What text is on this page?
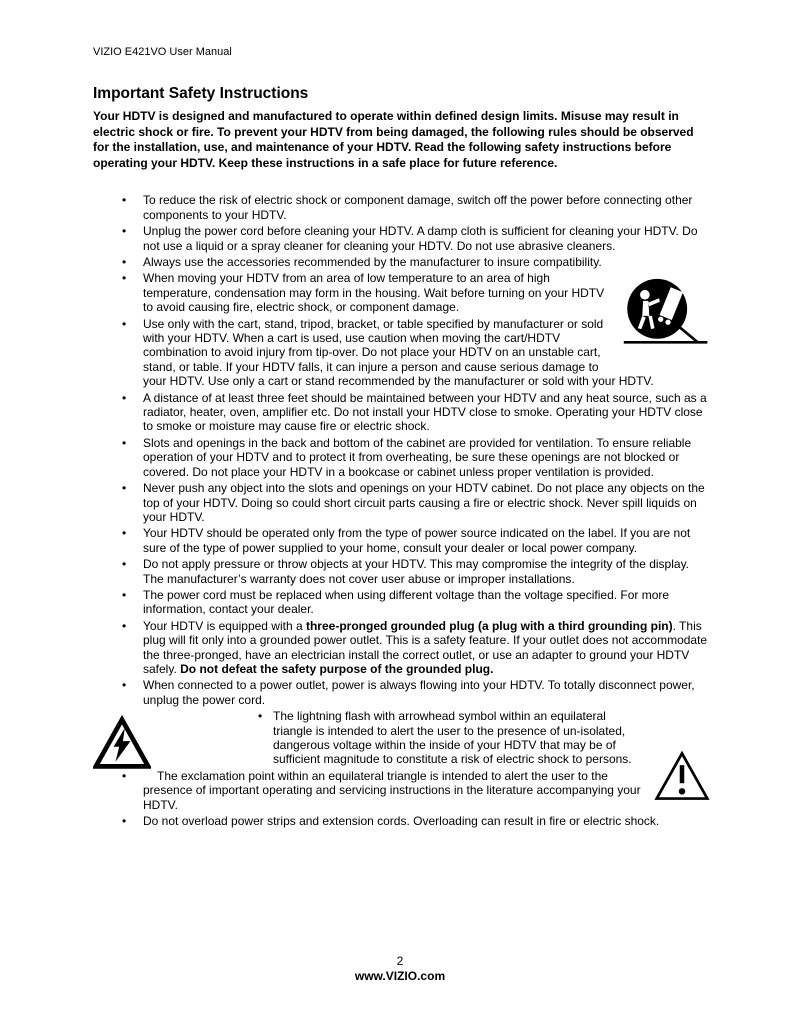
VIZIO E421VO User Manual
Important Safety Instructions

Your HDTV is designed and manufactured to operate within defined design limits. Misuse may result in electric shock or fire. To prevent your HDTV from being damaged, the following rules should be observed for the installation, use, and maintenance of your HDTV. Read the following safety instructions before operating your HDTV. Keep these instructions in a safe place for future reference.

• To reduce the risk of electric shock or component damage, switch off the power before connecting other components to your HDTV.
• Unplug the power cord before cleaning your HDTV. A damp cloth is sufficient for cleaning your HDTV. Do not use a liquid or a spray cleaner for cleaning your HDTV. Do not use abrasive cleaners.
• Always use the accessories recommended by the manufacturer to insure compatibility.
• When moving your HDTV from an area of low temperature to an area of high temperature, condensation may form in the housing. Wait before turning on your HDTV to avoid causing fire, electric shock, or component damage.
• Use only with the cart, stand, tripod, bracket, or table specified by manufacturer or sold with your HDTV. When a cart is used, use caution when moving the cart/HDTV combination to avoid injury from tip-over. Do not place your HDTV on an unstable cart, stand, or table. If your HDTV falls, it can injure a person and cause serious damage to your HDTV. Use only a cart or stand recommended by the manufacturer or sold with your HDTV.
• A distance of at least three feet should be maintained between your HDTV and any heat source, such as a radiator, heater, oven, amplifier etc. Do not install your HDTV close to smoke. Operating your HDTV close to smoke or moisture may cause fire or electric shock.
• Slots and openings in the back and bottom of the cabinet are provided for ventilation. To ensure reliable operation of your HDTV and to protect it from overheating, be sure these openings are not blocked or covered. Do not place your HDTV in a bookcase or cabinet unless proper ventilation is provided.
• Never push any object into the slots and openings on your HDTV cabinet. Do not place any objects on the top of your HDTV. Doing so could short circuit parts causing a fire or electric shock. Never spill liquids on your HDTV.
• Your HDTV should be operated only from the type of power source indicated on the label. If you are not sure of the type of power supplied to your home, consult your dealer or local power company.
• Do not apply pressure or throw objects at your HDTV. This may compromise the integrity of the display. The manufacturer’s warranty does not cover user abuse or improper installations.
• The power cord must be replaced when using different voltage than the voltage specified. For more information, contact your dealer.
• Your HDTV is equipped with a three-pronged grounded plug (a plug with a third grounding pin). This plug will fit only into a grounded power outlet. This is a safety feature. If your outlet does not accommodate the three-pronged, have an electrician install the correct outlet, or use an adapter to ground your HDTV safely. Do not defeat the safety purpose of the grounded plug.
• When connected to a power outlet, power is always flowing into your HDTV. To totally disconnect power, unplug the power cord.
• The lightning flash with arrowhead symbol within an equilateral triangle is intended to alert the user to the presence of un-isolated, dangerous voltage within the inside of your HDTV that may be of sufficient magnitude to constitute a risk of electric shock to persons.
• The exclamation point within an equilateral triangle is intended to alert the user to the presence of important operating and servicing instructions in the literature accompanying your HDTV.
• Do not overload power strips and extension cords. Overloading can result in fire or electric shock.
2
www.VIZIO.com
